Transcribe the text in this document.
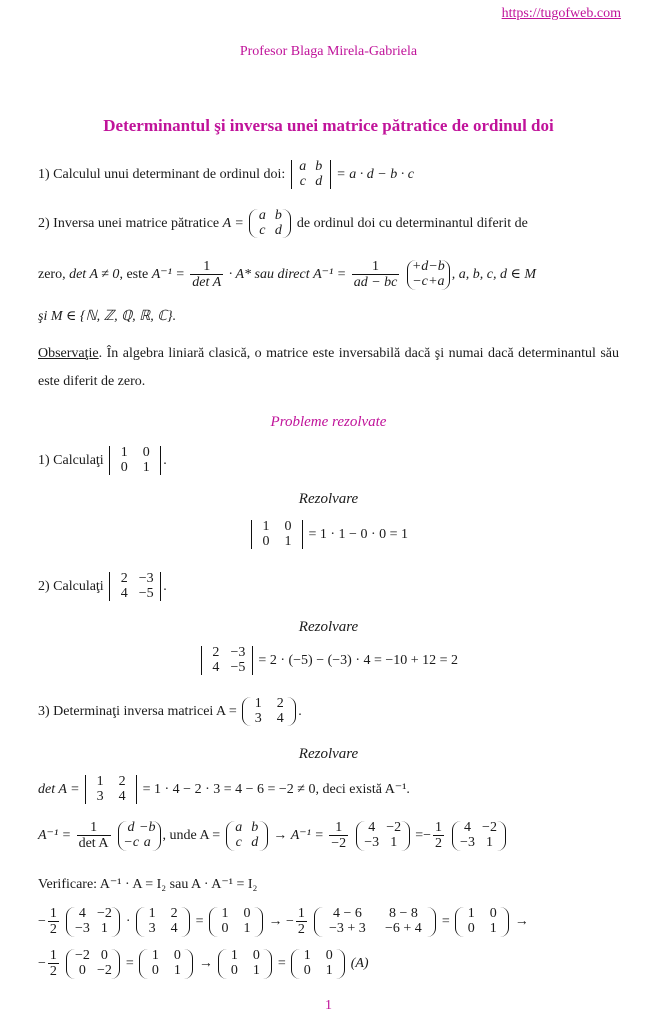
https://tugofweb.com
Profesor Blaga Mirela-Gabriela
Determinantul şi inversa unei matrice pătratice de ordinul doi
1) Calculul unui determinant de ordinul doi:
a b
c d	= a · d − b · c
2) Inversa unei matrice pătratice A =
a b
c d	de ordinul doi cu determinantul diferit de
zero, det A ≠ 0, este $A^{-1} = \frac{1}{\text{det A}} \cdot A*$ sau direct $A^{-1} = \frac{1}{ad - bc}$
+d−b
−c+a , a, b, c, d ∈ M
şi M ∈ {ℕ, ℤ, ℚ, ℝ, ℂ}.
Observaţie. În algebra liniară clasică, o matrice este inversabilă dacă şi numai dacă determinantul său este diferit de zero.
Probleme rezolvate
1) Calculaţi
1 0
0 1 .
Rezolvare
1 0
0 1	= 1 · 1 − 0 · 0 = 1
2) Calculaţi
2 −3
4 −5 .
Rezolvare
2 −3
4 −5 = 2 · (−5) − (−3) · 4 = −10 + 12 = 2
3) Determinaţi inversa matricei A =
1 2
3 4	.
Rezolvare
det A =
1 2
3 4	= 1 · 4 − 2 · 3 = 4 − 6 = −2 ≠ 0, deci există A⁻¹.
$A^{-1} = \frac{1}{\text{det A}}$
	d −b
−c a , unde A =
a b
c d	→ $A^{-1} = \frac{1}{-2}$
	4 −2
−3 1	=− $\frac{1}{2}$
	4 −2
−3 1
Verificare: A⁻¹ · A = I₂ sau A · A⁻¹ = I₂
− $\frac{1}{2}$
	4 −2
−3 1	·
1 2
3 4	=
1 0
0 1	→ − $\frac{1}{2}$
	4 − 6 8 − 8
−3 + 3 −6 + 4	=
1 0
0 1	→
− $\frac{1}{2}$
−2 0
0 −2 =
1 0
0 1	→
1 0
0 1	=
1 0
0 1	(A)
1
